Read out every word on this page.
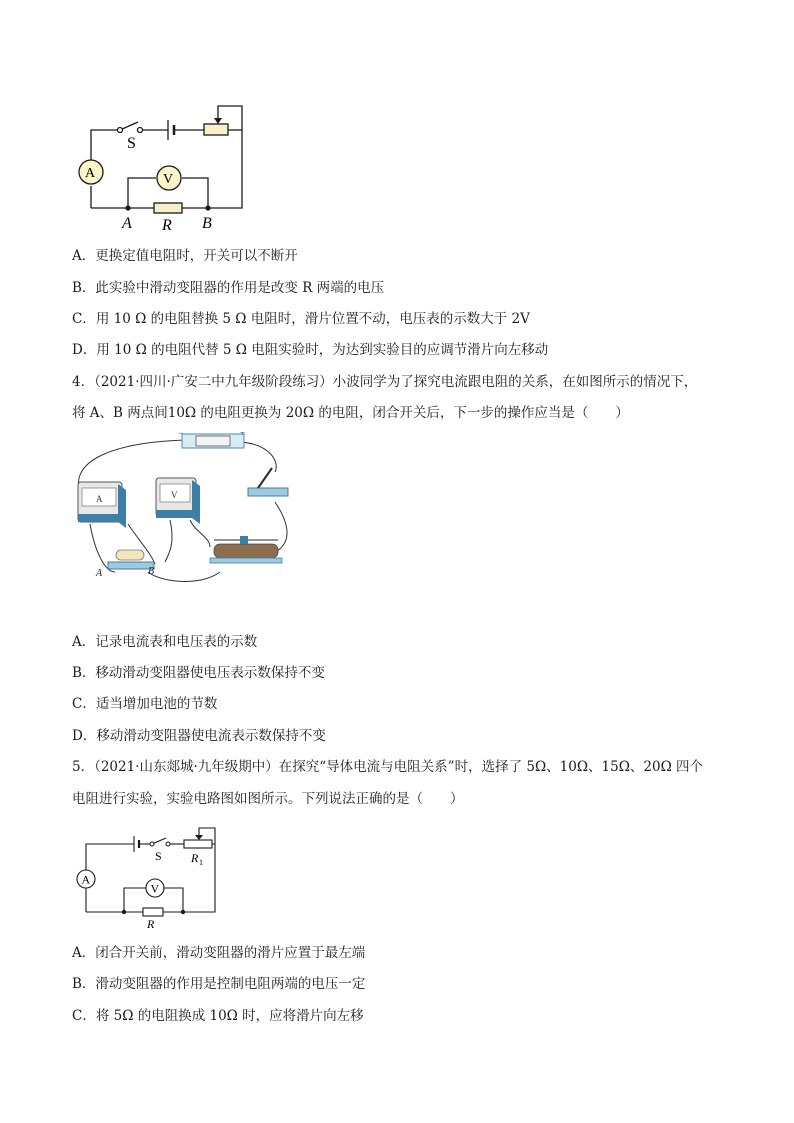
S
A	V
R
A	B
A．更换定值电阻时，开关可以不断开
B．此实验中滑动变阻器的作用是改变 R 两端的电压
C．用 10 Ω 的电阻替换 5 Ω 电阻时，滑片位置不动，电压表的示数大于 2V
D．用 10 Ω 的电阻代替 5 Ω 电阻实验时，为达到实验目的应调节滑片向左移动
4．（2021·四川·广安二中九年级阶段练习）小波同学为了探究电流跟电阻的关系，在如图所示的情况下，
将 A、B 两点间10Ω 的电阻更换为 20Ω 的电阻，闭合开关后，下一步的操作应当是（　　）
−	+
A	V
A	B
A．记录电流表和电压表的示数
B．移动滑动变阻器使电压表示数保持不变
C．适当增加电池的节数
D．移动滑动变阻器使电流表示数保持不变
5．（2021·山东郯城·九年级期中）在探究“导体电流与电阻关系”时，选择了 5Ω、10Ω、15Ω、20Ω 四个
电阻进行实验，实验电路图如图所示。下列说法正确的是（　　）
A
V
S R 1
R
A．闭合开关前，滑动变阻器的滑片应置于最左端
B．滑动变阻器的作用是控制电阻两端的电压一定
C．将 5Ω 的电阻换成 10Ω 时，应将滑片向左移
